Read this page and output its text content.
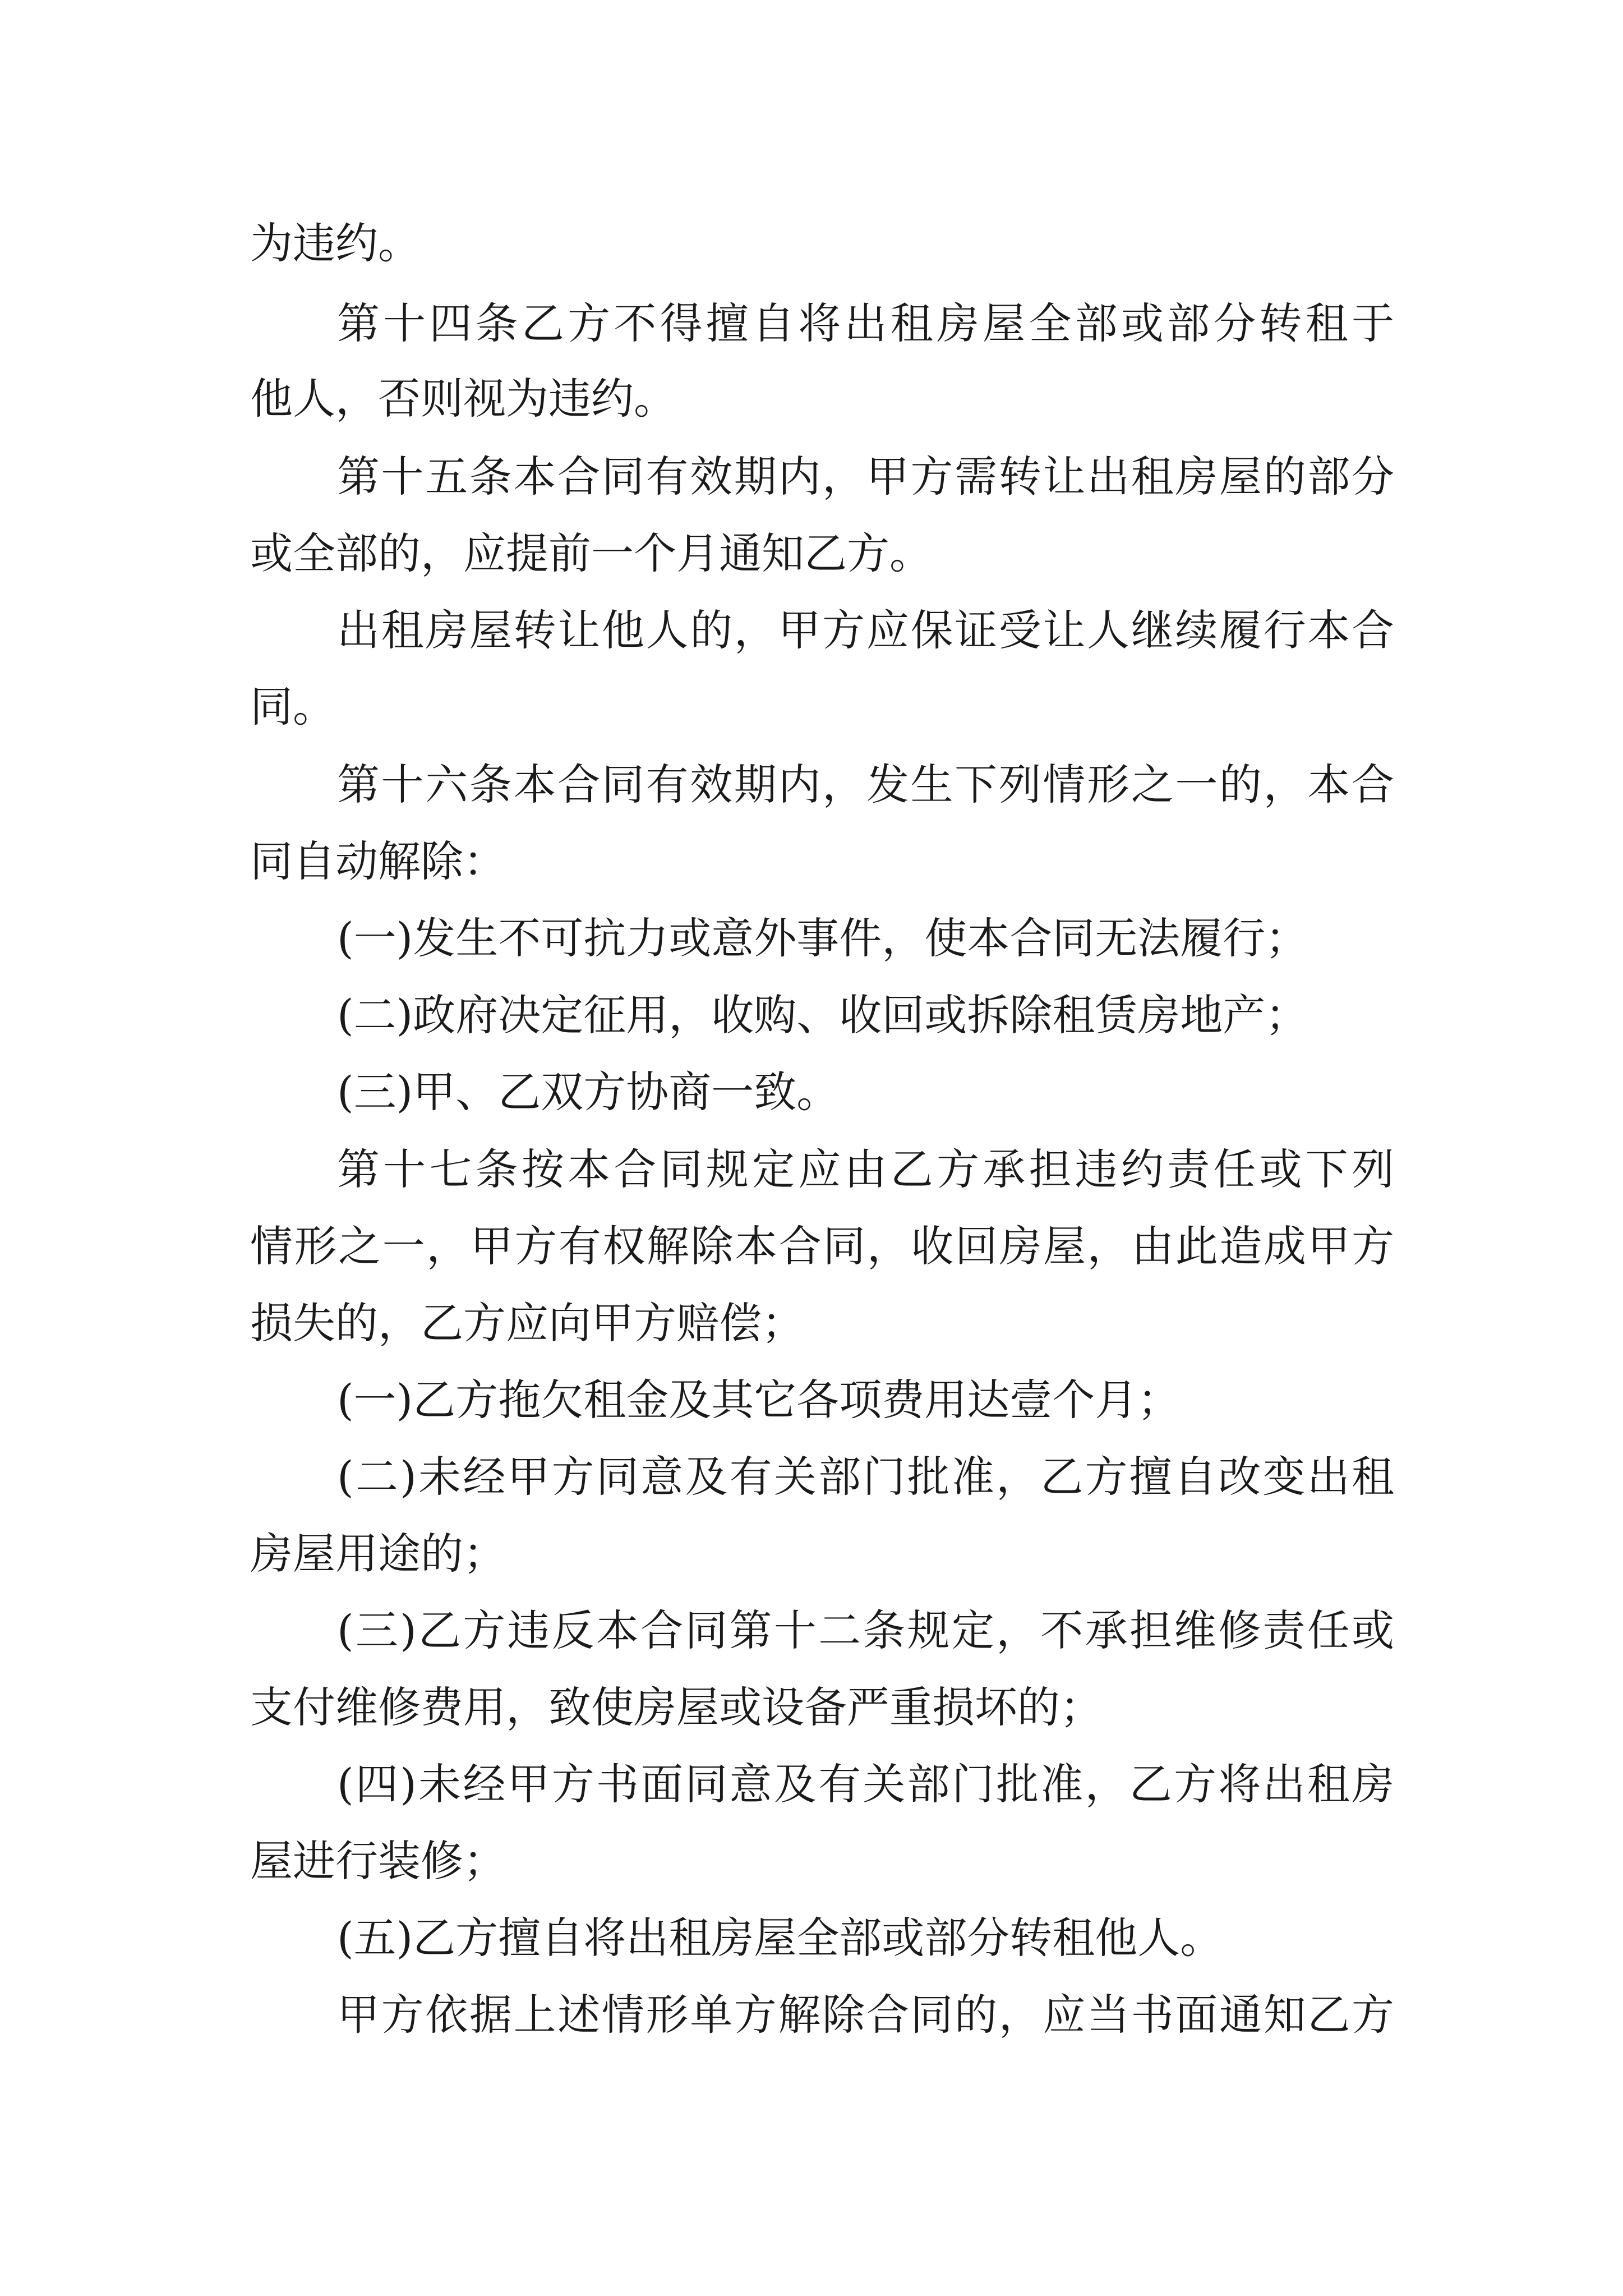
为违约。
第十四条乙方不得擅自将出租房屋全部或部分转租于
他人，否则视为违约。
第十五条本合同有效期内，甲方需转让出租房屋的部分
或全部的，应提前一个月通知乙方。
出租房屋转让他人的，甲方应保证受让人继续履行本合
同。
第十六条本合同有效期内，发生下列情形之一的，本合
同自动解除：
(一)发生不可抗力或意外事件，使本合同无法履行；
(二)政府决定征用，收购、收回或拆除租赁房地产；
(三)甲、乙双方协商一致。
第十七条按本合同规定应由乙方承担违约责任或下列
情形之一，甲方有权解除本合同，收回房屋，由此造成甲方
损失的，乙方应向甲方赔偿；
(一)乙方拖欠租金及其它各项费用达壹个月；
(二)未经甲方同意及有关部门批准，乙方擅自改变出租
房屋用途的；
(三)乙方违反本合同第十二条规定，不承担维修责任或
支付维修费用，致使房屋或设备严重损坏的；
(四)未经甲方书面同意及有关部门批准，乙方将出租房
屋进行装修；
(五)乙方擅自将出租房屋全部或部分转租他人。
甲方依据上述情形单方解除合同的，应当书面通知乙方
